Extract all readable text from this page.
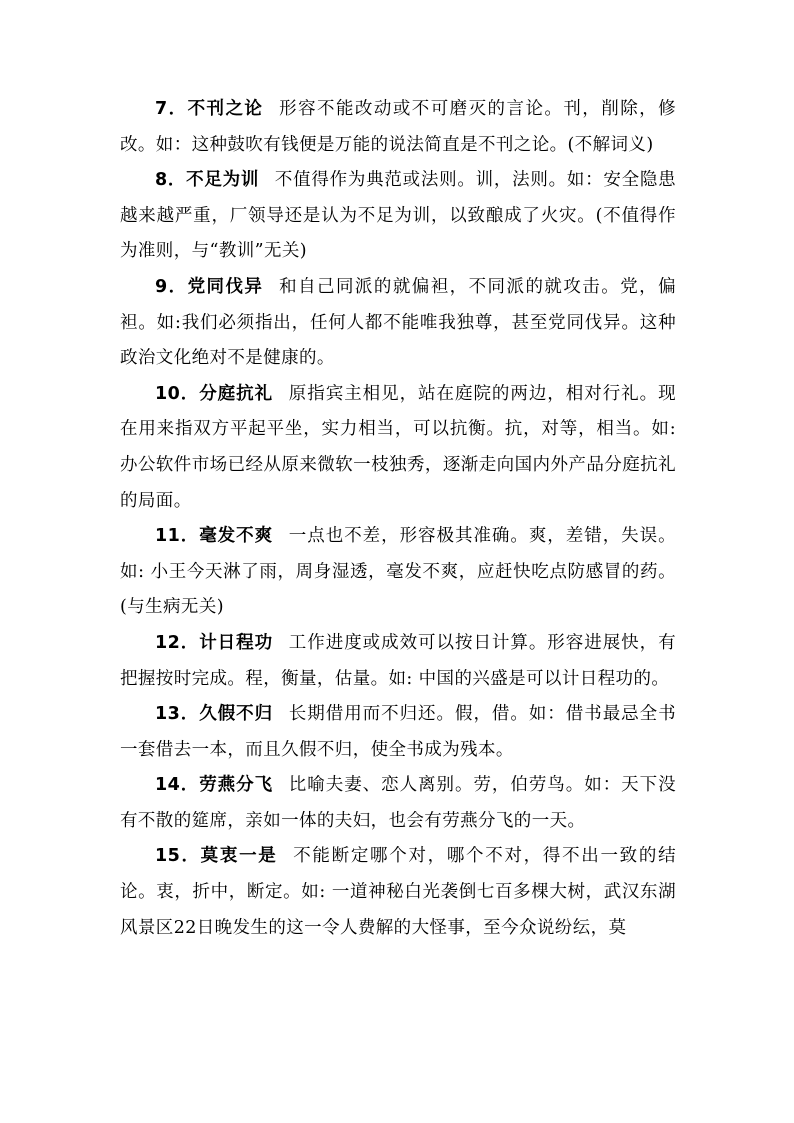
7．不刊之论 形容不能改动或不可磨灭的言论。刊，削除，修改。如：这种鼓吹有钱便是万能的说法简直是不刊之论。(不解词义)

8．不足为训 不值得作为典范或法则。训，法则。如：安全隐患越来越严重，厂领导还是认为不足为训，以致酿成了火灾。(不值得作为准则，与“教训”无关)

9．党同伐异 和自己同派的就偏袒，不同派的就攻击。党，偏袒。如:我们必须指出，任何人都不能唯我独尊，甚至党同伐异。这种政治文化绝对不是健康的。

10．分庭抗礼 原指宾主相见，站在庭院的两边，相对行礼。现在用来指双方平起平坐，实力相当，可以抗衡。抗，对等，相当。如: 办公软件市场已经从原来微软一枝独秀，逐渐走向国内外产品分庭抗礼的局面。

11．毫发不爽 一点也不差，形容极其准确。爽，差错，失误。如: 小王今天淋了雨，周身湿透，毫发不爽，应赶快吃点防感冒的药。(与生病无关)

12．计日程功 工作进度或成效可以按日计算。形容进展快，有把握按时完成。程，衡量，估量。如: 中国的兴盛是可以计日程功的。

13．久假不归 长期借用而不归还。假，借。如：借书最忌全书一套借去一本，而且久假不归，使全书成为残本。

14．劳燕分飞 比喻夫妻、恋人离别。劳，伯劳鸟。如：天下没有不散的筵席，亲如一体的夫妇，也会有劳燕分飞的一天。

15．莫衷一是 不能断定哪个对，哪个不对，得不出一致的结论。衷，折中，断定。如: 一道神秘白光袭倒七百多棵大树，武汉东湖风景区22日晚发生的这一令人费解的大怪事，至今众说纷纭，莫
